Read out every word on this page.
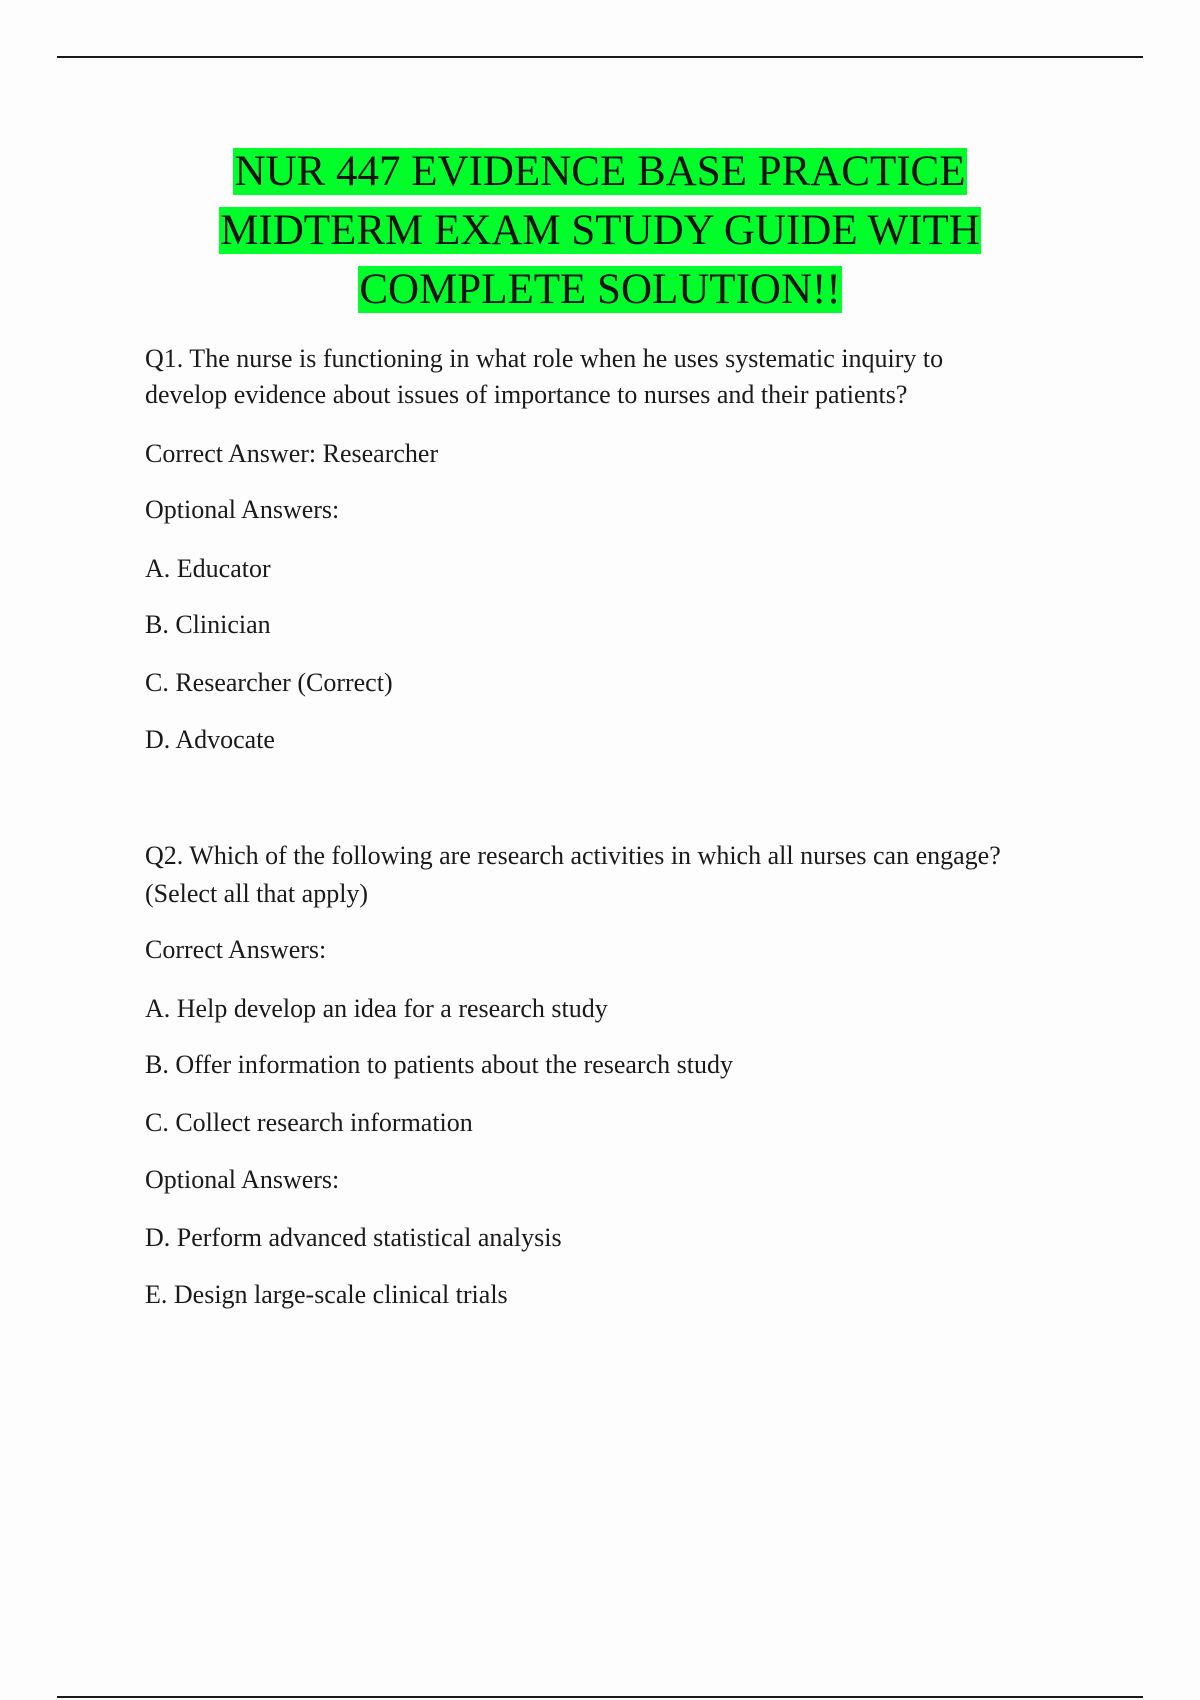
NUR 447 EVIDENCE BASE PRACTICE
MIDTERM EXAM STUDY GUIDE WITH
COMPLETE SOLUTION!!
Q1. The nurse is functioning in what role when he uses systematic inquiry to
develop evidence about issues of importance to nurses and their patients?
Correct Answer: Researcher
Optional Answers:
A. Educator
B. Clinician
C. Researcher (Correct)
D. Advocate
Q2. Which of the following are research activities in which all nurses can engage?
(Select all that apply)
Correct Answers:
A. Help develop an idea for a research study
B. Offer information to patients about the research study
C. Collect research information
Optional Answers:
D. Perform advanced statistical analysis
E. Design large-scale clinical trials
